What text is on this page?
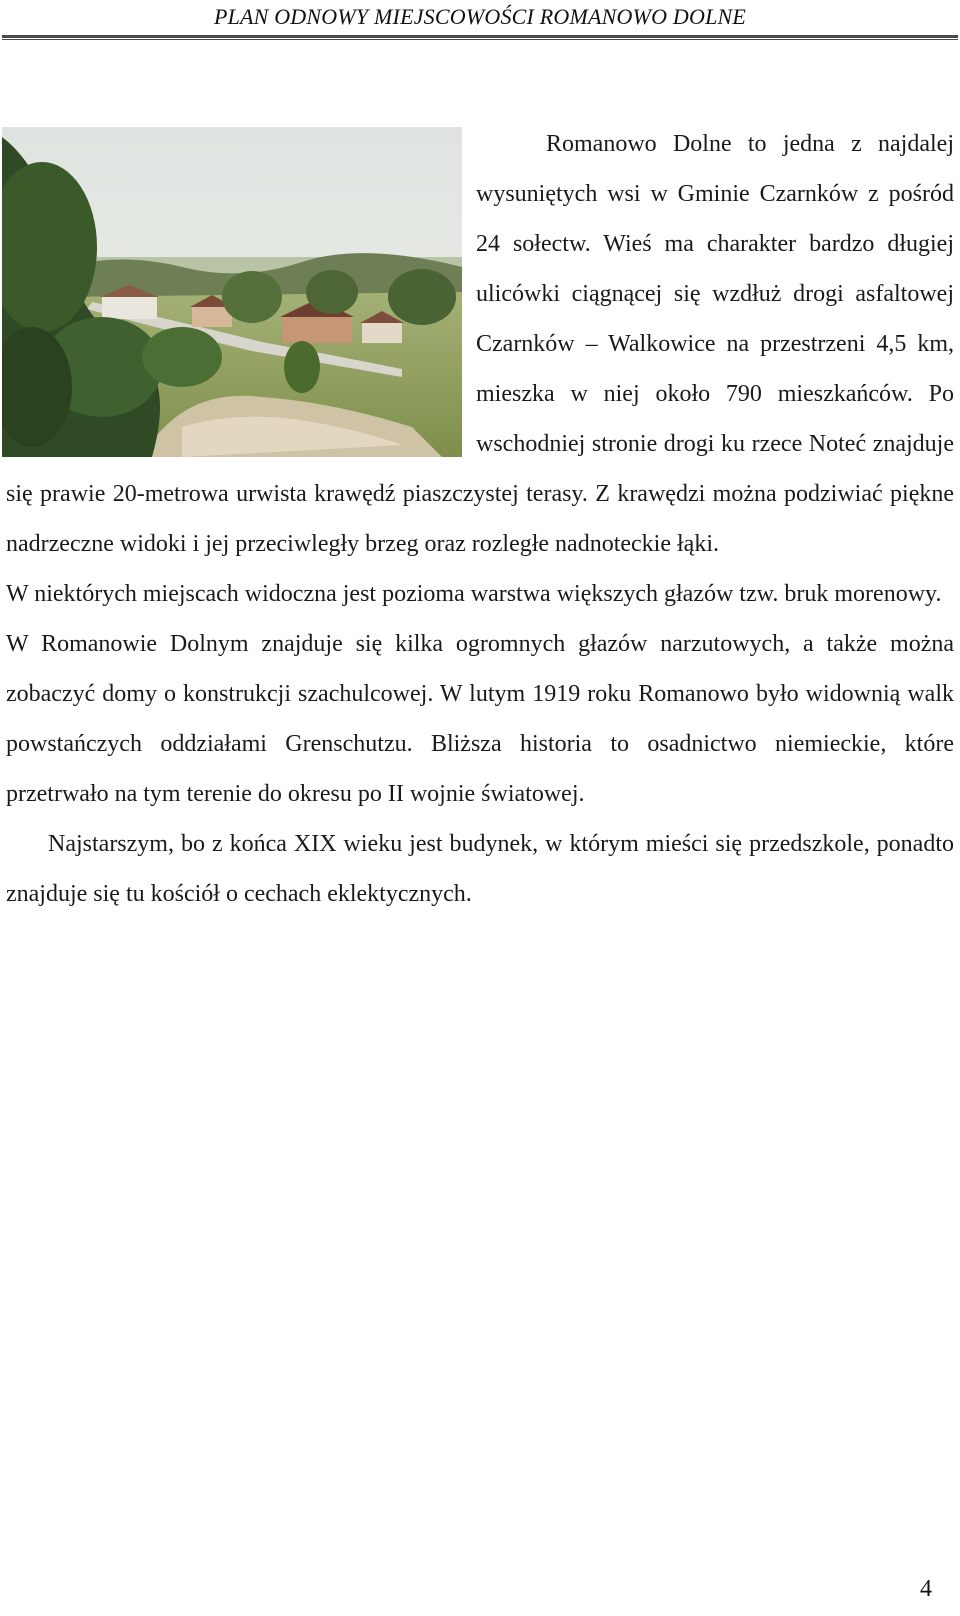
PLAN ODNOWY MIEJSCOWOŚCI ROMANOWO DOLNE

Romanowo Dolne to jedna z najdalej wysuniętych wsi w Gminie Czarnków z pośród 24 sołectw. Wieś ma charakter bardzo długiej ulicówki ciągnącej się wzdłuż drogi asfaltowej Czarnków – Walkowice na przestrzeni 4,5 km, mieszka w niej około 790 mieszkańców. Po wschodniej stronie drogi ku rzece Noteć znajduje się prawie 20-metrowa urwista krawędź piaszczystej terasy. Z krawędzi można podziwiać piękne nadrzeczne widoki i jej przeciwległy brzeg oraz rozległe nadnoteckie łąki.

W niektórych miejscach widoczna jest pozioma warstwa większych głazów tzw. bruk morenowy.

W Romanowie Dolnym znajduje się kilka ogromnych głazów narzutowych, a także można zobaczyć domy o konstrukcji szachulcowej. W lutym 1919 roku Romanowo było widownią walk powstańczych oddziałami Grenschutzu. Bliższa historia to osadnictwo niemieckie, które przetrwało na tym terenie do okresu po II wojnie światowej.

Najstarszym, bo z końca XIX wieku jest budynek, w którym mieści się przedszkole, ponadto znajduje się tu kościół o cechach eklektycznych.

4
